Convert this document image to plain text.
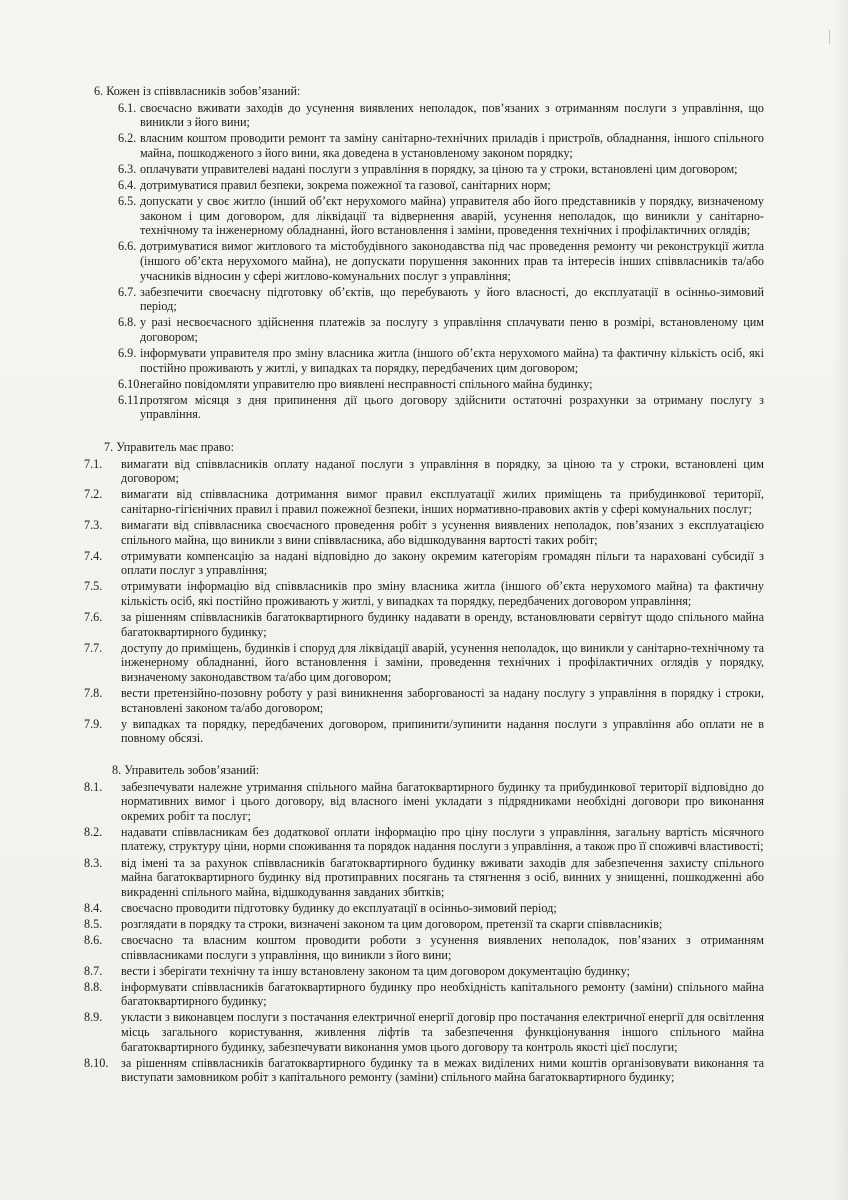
6. Кожен із співвласників зобов’язаний:
6.1. своєчасно вживати заходів до усунення виявлених неполадок, пов’язаних з отриманням послуги з управління, що виникли з його вини;
6.2. власним коштом проводити ремонт та заміну санітарно-технічних приладів і пристроїв, обладнання, іншого спільного майна, пошкодженого з його вини, яка доведена в установленому законом порядку;
6.3. оплачувати управителеві надані послуги з управління в порядку, за ціною та у строки, встановлені цим договором;
6.4. дотримуватися правил безпеки, зокрема пожежної та газової, санітарних норм;
6.5. допускати у своє житло (інший об’єкт нерухомого майна) управителя або його представників у порядку, визначеному законом і цим договором, для ліквідації та відвернення аварій, усунення неполадок, що виникли у санітарно-технічному та інженерному обладнанні, його встановлення і заміни, проведення технічних і профілактичних оглядів;
6.6. дотримуватися вимог житлового та містобудівного законодавства під час проведення ремонту чи реконструкції житла (іншого об’єкта нерухомого майна), не допускати порушення законних прав та інтересів інших співвласників та/або учасників відносин у сфері житлово-комунальних послуг з управління;
6.7. забезпечити своєчасну підготовку об’єктів, що перебувають у його власності, до експлуатації в осінньо-зимовий період;
6.8. у разі несвоєчасного здійснення платежів за послугу з управління сплачувати пеню в розмірі, встановленому цим договором;
6.9. інформувати управителя про зміну власника житла (іншого об’єкта нерухомого майна) та фактичну кількість осіб, які постійно проживають у житлі, у випадках та порядку, передбачених цим договором;
6.10.
негайно повідомляти управителю про виявлені несправності спільного майна будинку;
6.11.
протягом місяця з дня припинення дії цього договору здійснити остаточні розрахунки за отриману послугу з управління.
7. Управитель має право:
7.1. вимагати від співвласників оплату наданої послуги з управління в порядку, за ціною та у строки, встановлені цим договором;
7.2. вимагати від співвласника дотримання вимог правил експлуатації жилих приміщень та прибудинкової території, санітарно-гігієнічних правил і правил пожежної безпеки, інших нормативно-правових актів у сфері комунальних послуг;
7.3. вимагати від співвласника своєчасного проведення робіт з усунення виявлених неполадок, пов’язаних з експлуатацією спільного майна, що виникли з вини співвласника, або відшкодування вартості таких робіт;
7.4. отримувати компенсацію за надані відповідно до закону окремим категоріям громадян пільги та нараховані субсидії з оплати послуг з управління;
7.5. отримувати інформацію від співвласників про зміну власника житла (іншого об’єкта нерухомого майна) та фактичну кількість осіб, які постійно проживають у житлі, у випадках та порядку, передбачених договором управління;
7.6. за рішенням співвласників багатоквартирного будинку надавати в оренду, встановлювати сервітут щодо спільного майна багатоквартирного будинку;
7.7. доступу до приміщень, будинків і споруд для ліквідації аварій, усунення неполадок, що виникли у санітарно-технічному та інженерному обладнанні, його встановлення і заміни, проведення технічних і профілактичних оглядів у порядку, визначеному законодавством та/або цим договором;
7.8. вести претензійно-позовну роботу у разі виникнення заборгованості за надану послугу з управління в порядку і строки, встановлені законом та/або договором;
7.9. у випадках та порядку, передбачених договором, припинити/зупинити надання послуги з управління або оплати не в повному обсязі.
8. Управитель зобов’язаний:
8.1. забезпечувати належне утримання спільного майна багатоквартирного будинку та прибудинкової території відповідно до нормативних вимог і цього договору, від власного імені укладати з підрядниками необхідні договори про виконання окремих робіт та послуг;
8.2. надавати співвласникам без додаткової оплати інформацію про ціну послуги з управління, загальну вартість місячного платежу, структуру ціни, норми споживання та порядок надання послуги з управління, а також про її споживчі властивості;
8.3. від імені та за рахунок співвласників багатоквартирного будинку вживати заходів для забезпечення захисту спільного майна багатоквартирного будинку від протиправних посягань та стягнення з осіб, винних у знищенні, пошкодженні або викраденні спільного майна, відшкодування завданих збитків;
8.4. своєчасно проводити підготовку будинку до експлуатації в осінньо-зимовий період;
8.5. розглядати в порядку та строки, визначені законом та цим договором, претензії та скарги співвласників;
8.6. своєчасно та власним коштом проводити роботи з усунення виявлених неполадок, пов’язаних з отриманням співвласниками послуги з управління, що виникли з його вини;
8.7. вести і зберігати технічну та іншу встановлену законом та цим договором документацію будинку;
8.8. інформувати співвласників багатоквартирного будинку про необхідність капітального ремонту (заміни) спільного майна багатоквартирного будинку;
8.9. укласти з виконавцем послуги з постачання електричної енергії договір про постачання електричної енергії для освітлення місць загального користування, живлення ліфтів та забезпечення функціонування іншого спільного майна багатоквартирного будинку, забезпечувати виконання умов цього договору та контроль якості цієї послуги;
8.10. за рішенням співвласників багатоквартирного будинку та в межах виділених ними коштів організовувати виконання та виступати замовником робіт з капітального ремонту (заміни) спільного майна багатоквартирного будинку;
